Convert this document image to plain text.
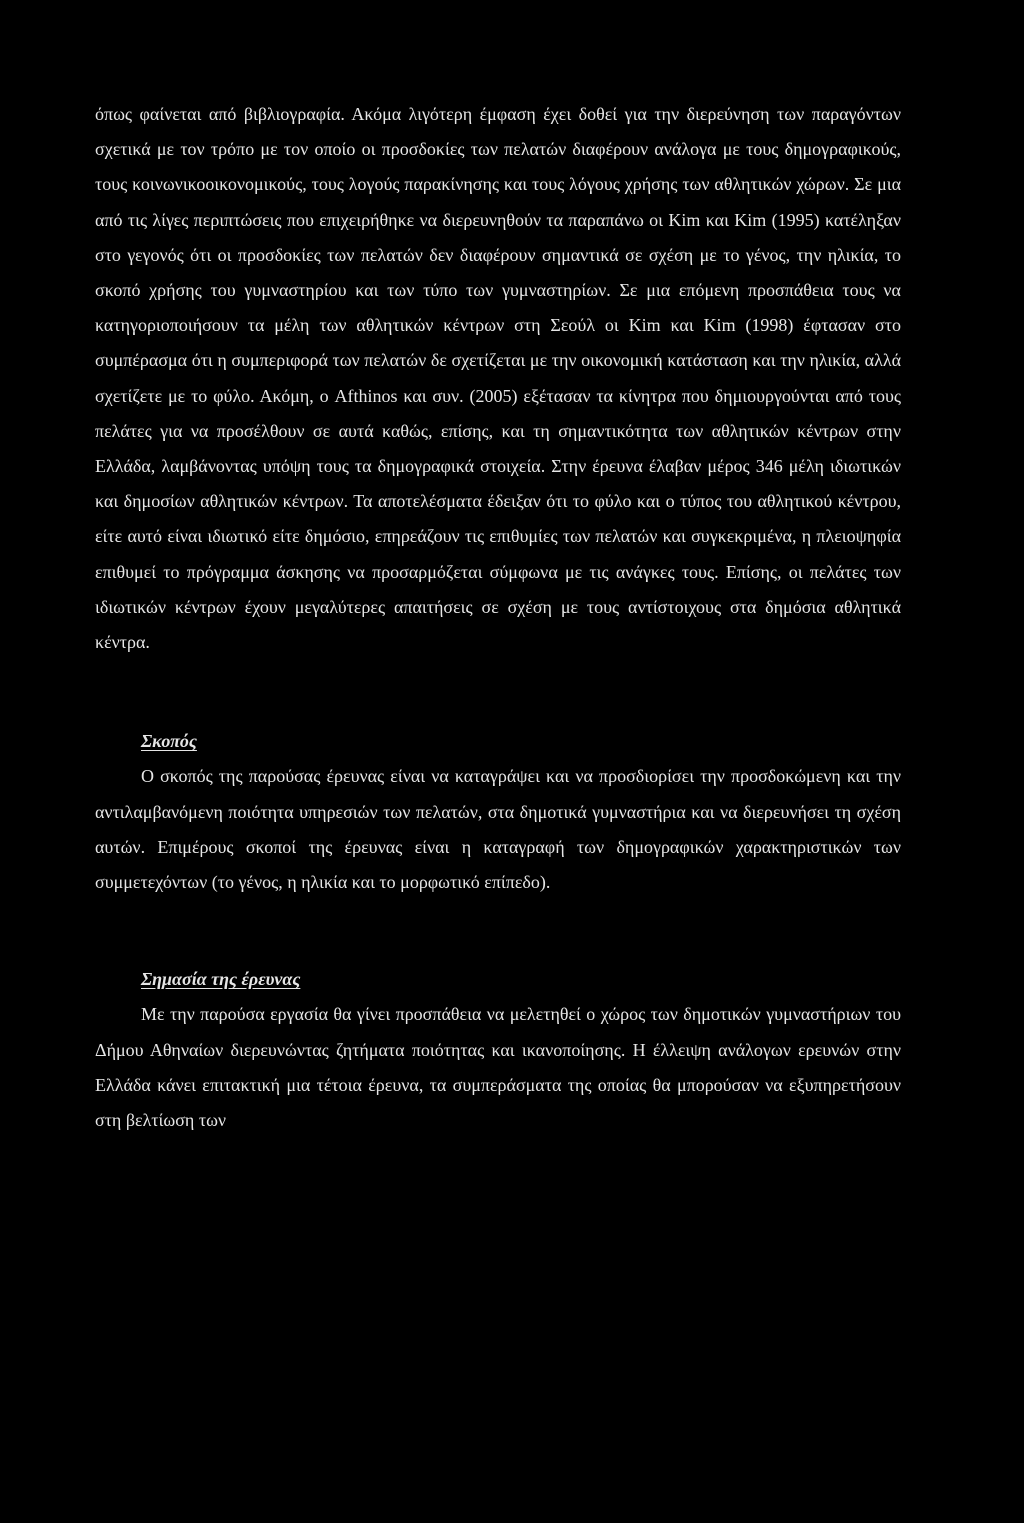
όπως φαίνεται από βιβλιογραφία. Ακόμα λιγότερη έμφαση έχει δοθεί για την διερεύνηση των παραγόντων σχετικά με τον τρόπο με τον οποίο οι προσδοκίες των πελατών διαφέρουν ανάλογα με τους δημογραφικούς, τους κοινωνικοοικονομικούς, τους λογούς παρακίνησης και τους λόγους χρήσης των αθλητικών χώρων. Σε μια από τις λίγες περιπτώσεις που επιχειρήθηκε να διερευνηθούν τα παραπάνω οι Kim και Kim (1995) κατέληξαν στο γεγονός ότι οι προσδοκίες των πελατών δεν διαφέρουν σημαντικά σε σχέση με το γένος, την ηλικία, το σκοπό χρήσης του γυμναστηρίου και των τύπο των γυμναστηρίων. Σε μια επόμενη προσπάθεια τους να κατηγοριοποιήσουν τα μέλη των αθλητικών κέντρων στη Σεούλ οι Kim και Kim (1998) έφτασαν στο συμπέρασμα ότι η συμπεριφορά των πελατών δε σχετίζεται με την οικονομική κατάσταση και την ηλικία, αλλά σχετίζετε με το φύλο. Ακόμη, ο Afthinos και συν. (2005) εξέτασαν τα κίνητρα που δημιουργούνται από τους πελάτες για να προσέλθουν σε αυτά καθώς, επίσης, και τη σημαντικότητα των αθλητικών κέντρων στην Ελλάδα, λαμβάνοντας υπόψη τους τα δημογραφικά στοιχεία. Στην έρευνα έλαβαν μέρος 346 μέλη ιδιωτικών και δημοσίων αθλητικών κέντρων. Τα αποτελέσματα έδειξαν ότι το φύλο και ο τύπος του αθλητικού κέντρου, είτε αυτό είναι ιδιωτικό είτε δημόσιο, επηρεάζουν τις επιθυμίες των πελατών και συγκεκριμένα, η πλειοψηφία επιθυμεί το πρόγραμμα άσκησης να προσαρμόζεται σύμφωνα με τις ανάγκες τους. Επίσης, οι πελάτες των ιδιωτικών κέντρων έχουν μεγαλύτερες απαιτήσεις σε σχέση με τους αντίστοιχους στα δημόσια αθλητικά κέντρα.

Σκοπός

Ο σκοπός της παρούσας έρευνας είναι να καταγράψει και να προσδιορίσει την προσδοκώμενη και την αντιλαμβανόμενη ποιότητα υπηρεσιών των πελατών, στα δημοτικά γυμναστήρια και να διερευνήσει τη σχέση αυτών. Επιμέρους σκοποί της έρευνας είναι η καταγραφή των δημογραφικών χαρακτηριστικών των συμμετεχόντων (το γένος, η ηλικία και το μορφωτικό επίπεδο).

Σημασία της έρευνας

Με την παρούσα εργασία θα γίνει προσπάθεια να μελετηθεί ο χώρος των δημοτικών γυμναστήριων του Δήμου Αθηναίων διερευνώντας ζητήματα ποιότητας και ικανοποίησης. Η έλλειψη ανάλογων ερευνών στην Ελλάδα κάνει επιτακτική μια τέτοια έρευνα, τα συμπεράσματα της οποίας θα μπορούσαν να εξυπηρετήσουν στη βελτίωση των
